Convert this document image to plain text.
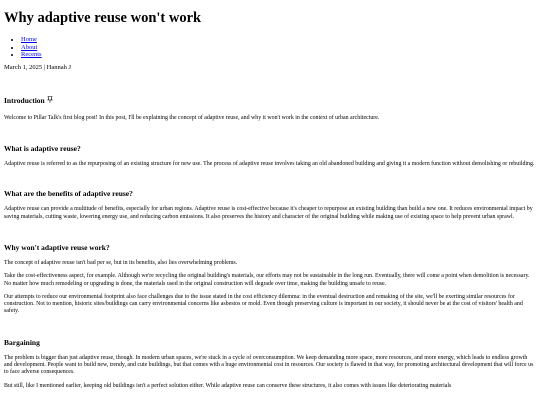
Why adaptive reuse won't work
• Home
• About
• Recents
March 1, 2025 | Hannah J
Introduction

Welcome to Pillar Talk's first blog post! In this post, I'll be explaining the concept of adaptive reuse, and why it won't work in the context of urban architecture.

What is adaptive reuse?

Adaptive reuse is referred to as the repurposing of an existing structure for new use. The process of adaptive reuse involves taking an old abandoned building and giving it a modern function without demolishing or rebuilding.

What are the benefits of adaptive reuse?

Adaptive reuse can provide a multitude of benefits, especially for urban regions. Adaptive reuse is cost-effective because it's cheaper to repurpose an existing building than build a new one. It reduces environmental impact by saving materials, cutting waste, lowering energy use, and reducing carbon emissions. It also preserves the history and character of the original building while making use of existing space to help prevent urban sprawl.

Why won't adaptive reuse work?

The concept of adaptive reuse isn't bad per se, but in its benefits, also lies overwhelming problems.

Take the cost-effectiveness aspect, for example. Although we're recycling the original building's materials, our efforts may not be sustainable in the long run. Eventually, there will come a point when demolition is necessary. No matter how much remodeling or upgrading is done, the materials used in the original construction will degrade over time, making the building unsafe to reuse.

Our attempts to reduce our environmental footprint also face challenges due to the issue stated in the cost efficiency dilemma: in the eventual destruction and remaking of the site, we'll be exerting similar resources for construction. Not to mention, historic sites/buildings can carry environmental concerns like asbestos or mold. Even though preserving culture is important in our society, it should never be at the cost of visitors' health and safety.

Bargaining

The problem is bigger than just adaptive reuse, though. In modern urban spaces, we're stuck in a cycle of overconsumption. We keep demanding more space, more resources, and more energy, which leads to endless growth and development. People want to build new, trendy, and cute buildings, but that comes with a huge environmental cost in resources. Our society is flawed in that way, for promoting architectural development that will force us to face adverse consequences.

But still, like I mentioned earlier, keeping old buildings isn't a perfect solution either. While adaptive reuse can conserve these structures, it also comes with issues like deteriorating materials
